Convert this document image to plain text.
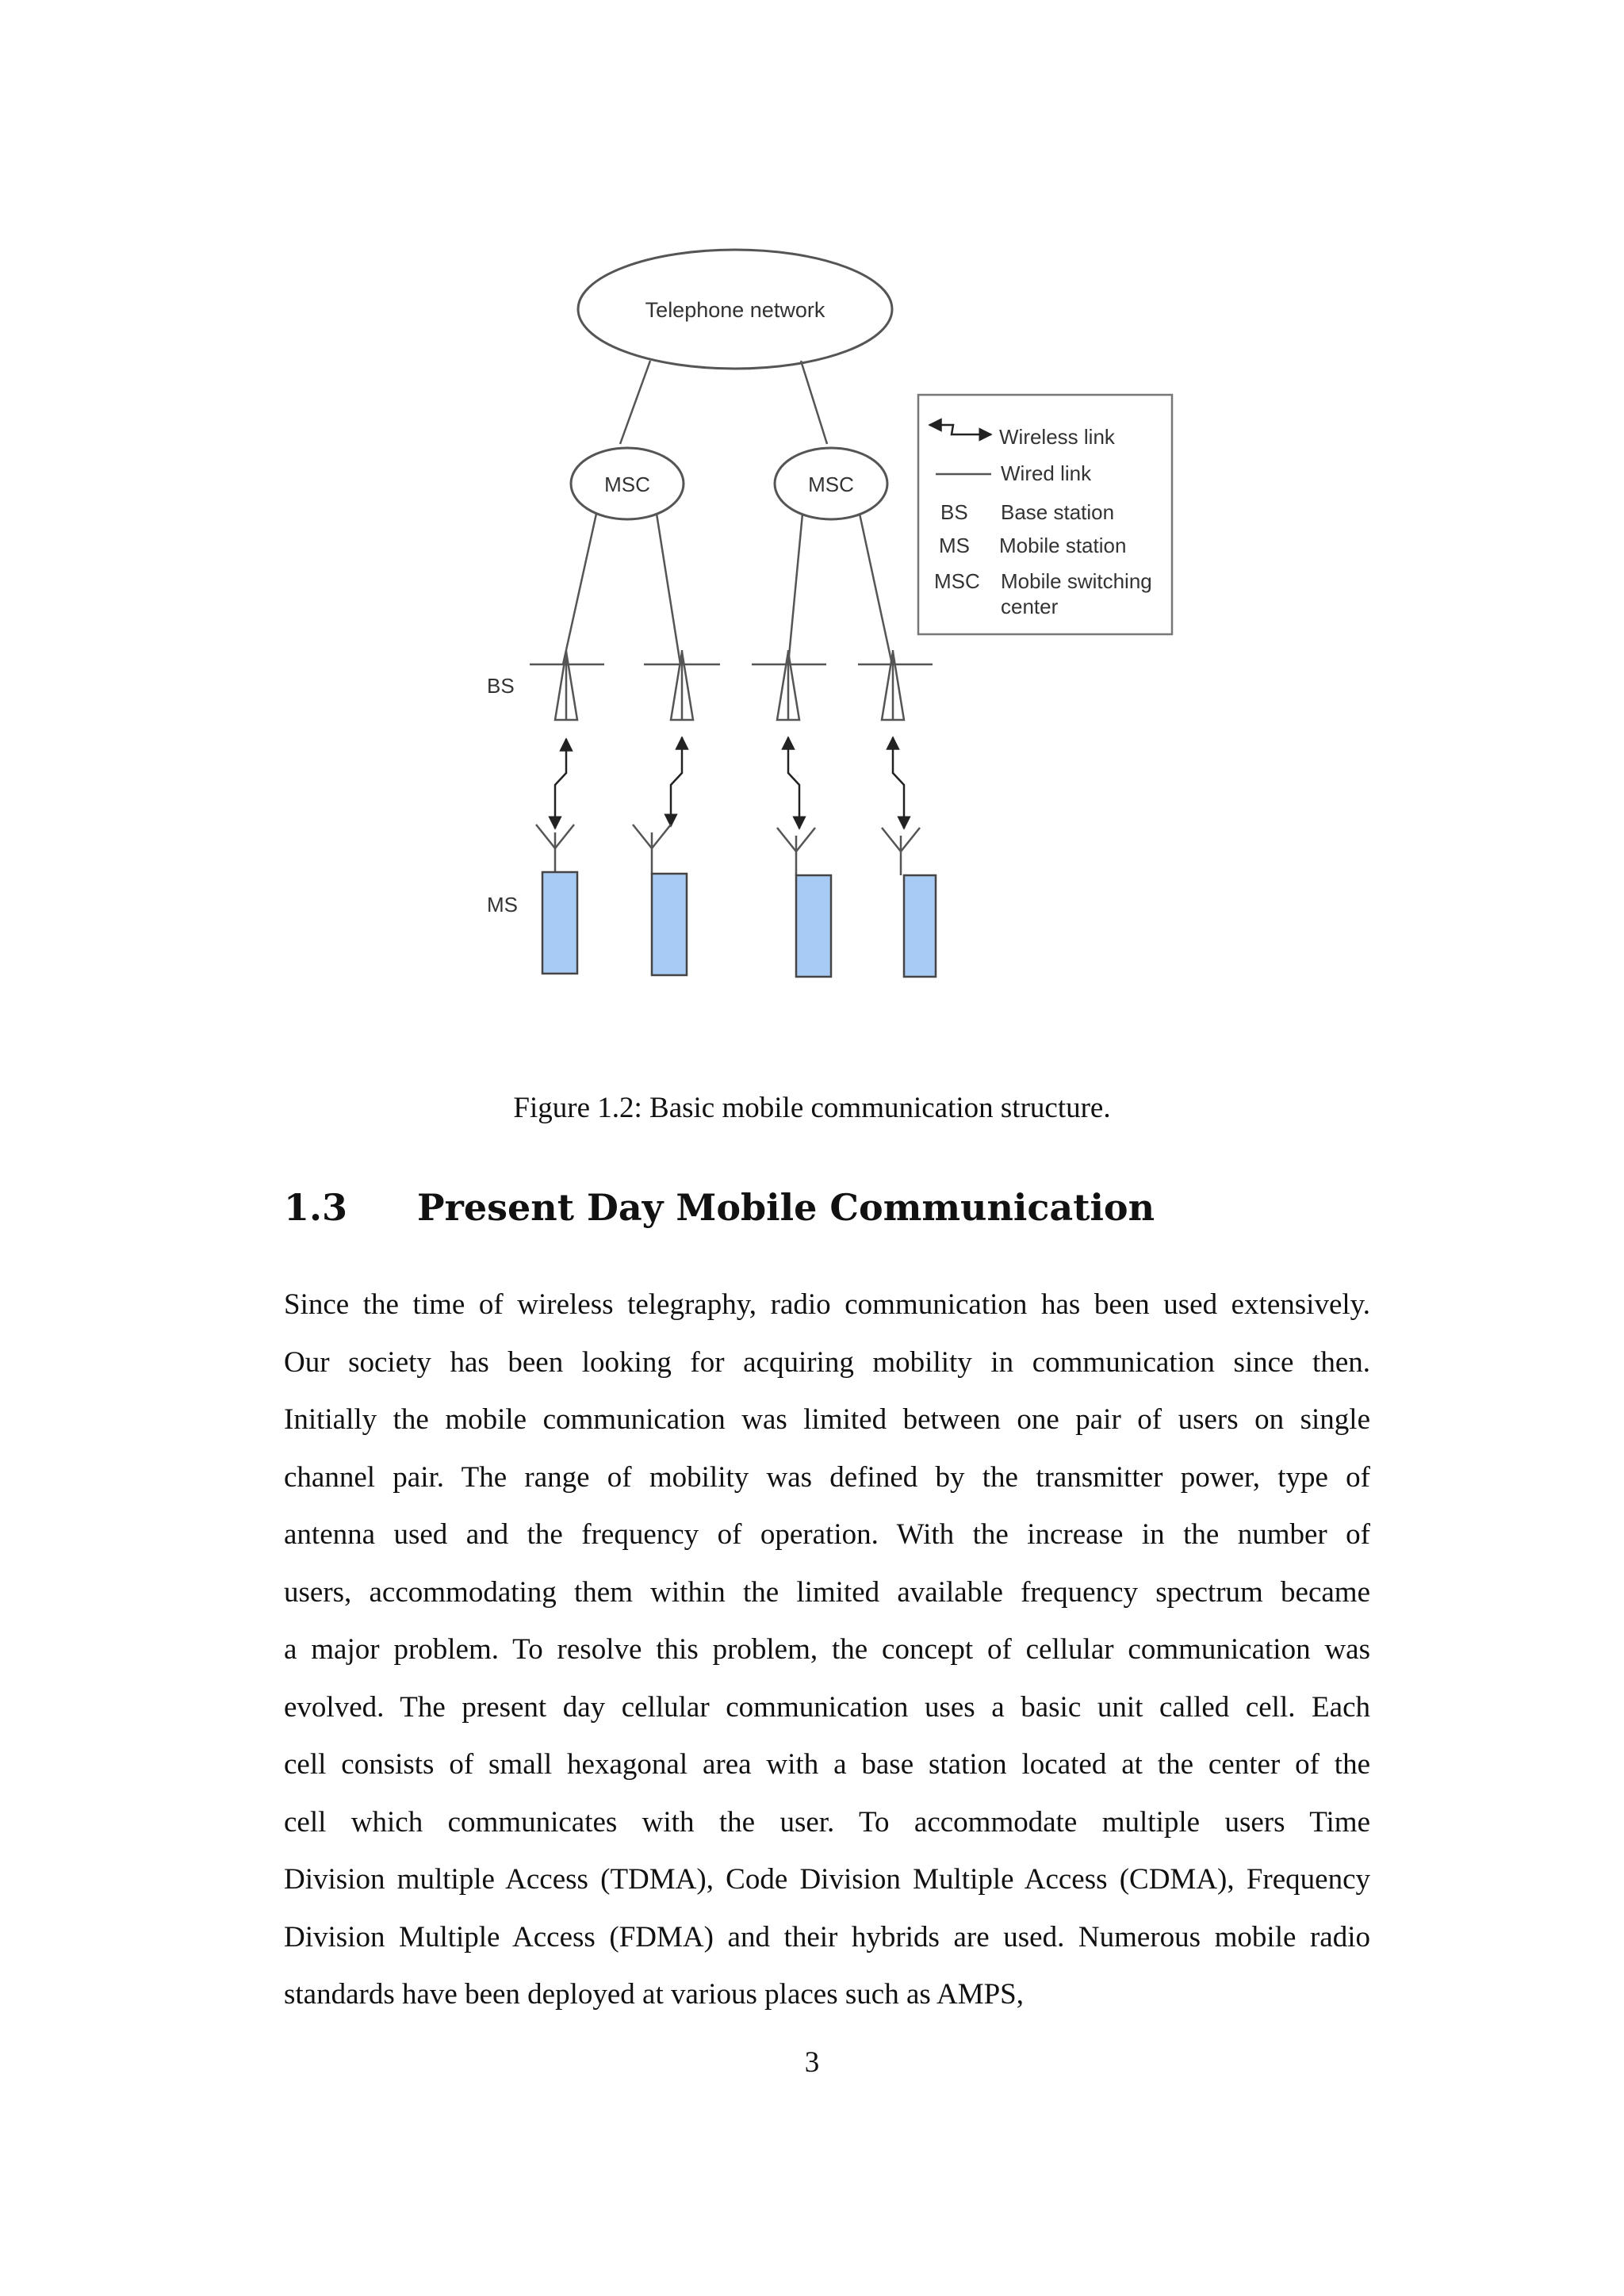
Telephone network
MSC	MSC
BS
MS
Wireless link
Wired link
BS Base station
MS Mobile station
MSC Mobile switching
center
Figure 1.2: Basic mobile communication structure.
1.3 Present Day Mobile Communication
Since the time of wireless telegraphy, radio communication has been used extensively.
Our society has been looking for acquiring mobility in communication since then.
Initially the mobile communication was limited between one pair of users on single
channel pair. The range of mobility was defined by the transmitter power, type of
antenna used and the frequency of operation. With the increase in the number of
users, accommodating them within the limited available frequency spectrum became
a major problem. To resolve this problem, the concept of cellular communication was
evolved. The present day cellular communication uses a basic unit called cell. Each
cell consists of small hexagonal area with a base station located at the center of the
cell which communicates with the user. To accommodate multiple users Time
Division multiple Access (TDMA), Code Division Multiple Access (CDMA), Frequency
Division Multiple Access (FDMA) and their hybrids are used. Numerous mobile radio
standards have been deployed at various places such as AMPS,
3
